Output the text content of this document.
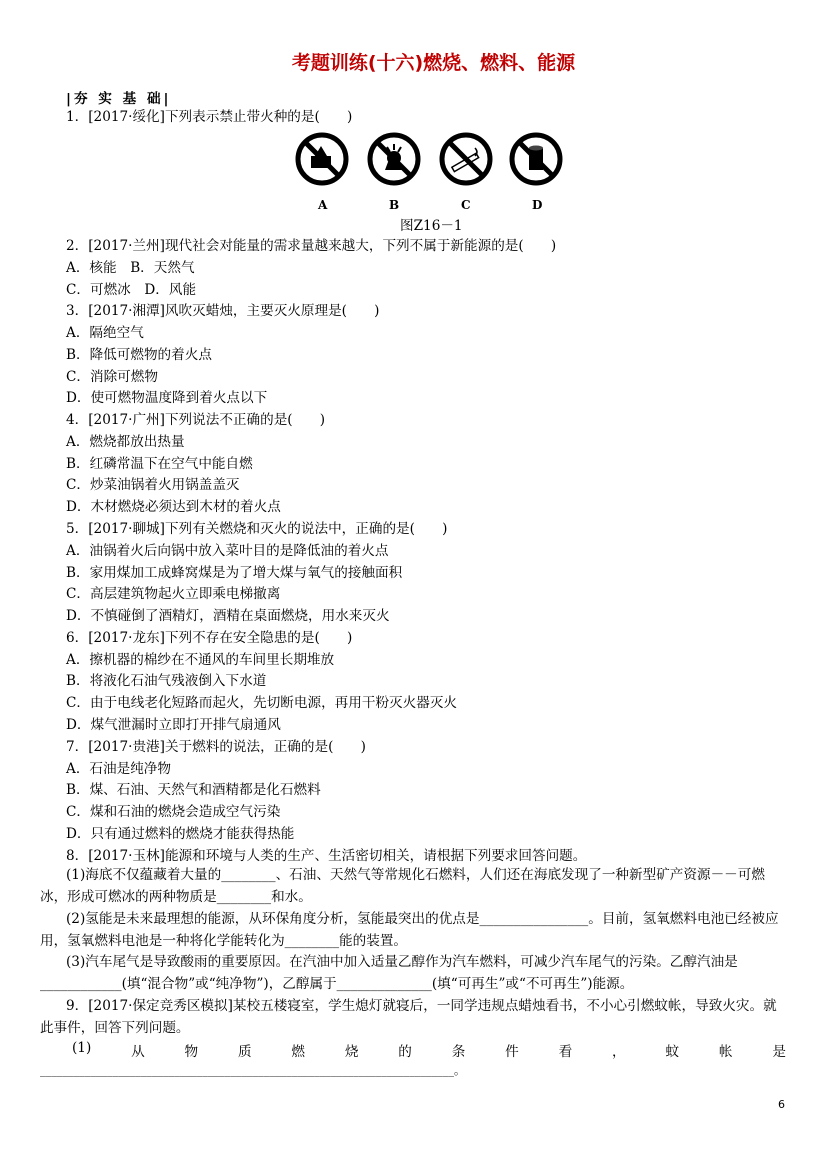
考题训练(十六)燃烧、燃料、能源
|夯 实 基 础|
1．[2017·绥化]下列表示禁止带火种的是(　　)
A	B	C	D
图Z16－1
2．[2017·兰州]现代社会对能量的需求量越来越大，下列不属于新能源的是(　　)
A．核能　B．天然气
C．可燃冰　D．风能
3．[2017·湘潭]风吹灭蜡烛，主要灭火原理是(　　)
A．隔绝空气
B．降低可燃物的着火点
C．消除可燃物
D．使可燃物温度降到着火点以下
4．[2017·广州]下列说法不正确的是(　　)
A．燃烧都放出热量
B．红磷常温下在空气中能自燃
C．炒菜油锅着火用锅盖盖灭
D．木材燃烧必须达到木材的着火点
5．[2017·聊城]下列有关燃烧和灭火的说法中，正确的是(　　)
A．油锅着火后向锅中放入菜叶目的是降低油的着火点
B．家用煤加工成蜂窝煤是为了增大煤与氧气的接触面积
C．高层建筑物起火立即乘电梯撤离
D．不慎碰倒了酒精灯，酒精在桌面燃烧，用水来灭火
6．[2017·龙东]下列不存在安全隐患的是(　　)
A．擦机器的棉纱在不通风的车间里长期堆放
B．将液化石油气残液倒入下水道
C．由于电线老化短路而起火，先切断电源，再用干粉灭火器灭火
D．煤气泄漏时立即打开排气扇通风
7．[2017·贵港]关于燃料的说法，正确的是(　　)
A．石油是纯净物
B．煤、石油、天然气和酒精都是化石燃料
C．煤和石油的燃烧会造成空气污染
D．只有通过燃料的燃烧才能获得热能
8．[2017·玉林]能源和环境与人类的生产、生活密切相关，请根据下列要求回答问题。
(1)海底不仅蕴藏着大量的________、石油、天然气等常规化石燃料，人们还在海底发现了一种新型矿产资源－－可燃冰，形成可燃冰的两种物质是________和水。
(2)氢能是未来最理想的能源，从环保角度分析，氢能最突出的优点是________________。目前，氢氧燃料电池已经被应用，氢氧燃料电池是一种将化学能转化为________能的装置。
(3)汽车尾气是导致酸雨的重要原因。在汽油中加入适量乙醇作为汽车燃料，可减少汽车尾气的污染。乙醇汽油是____________(填“混合物”或“纯净物”)，乙醇属于______________(填“可再生”或“不可再生”)能源。
9．[2017·保定竞秀区模拟]某校五楼寝室，学生熄灯就寝后，一同学违规点蜡烛看书，不小心引燃蚊帐，导致火灾。就此事件，回答下列问题。
(1)	从	物	质	燃	烧	的	条	件	看	，	蚊	帐	是
__________________________________________________________________________。
6
